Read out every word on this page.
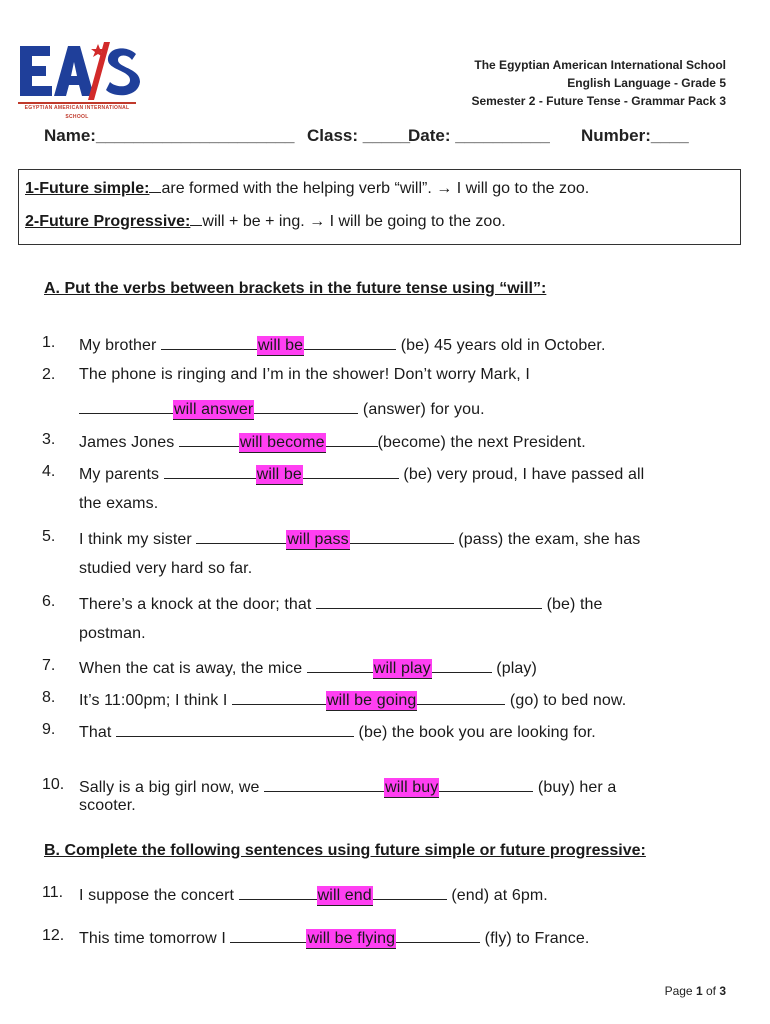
EGYPTIAN AMERICAN INTERNATIONAL SCHOOL
The Egyptian American International School
English Language - Grade 5
Semester 2 - Future Tense - Grammar Pack 3
Name:_____________________ Class: _____
Date: __________ Number:____
1-Future simple: are formed with the helping verb “will”. → I will go to the zoo.
2-Future Progressive: will + be + ing. → I will be going to the zoo.
A. Put the verbs between brackets in the future tense using “will”:
1.	My brother	will be	(be) 45 years old in October.
2.	The phone is ringing and I’m in the shower! Don’t worry Mark, I
will answer	(answer) for you.
3.	James Jones	will become	(become) the next President.
4.	My parents	will be	(be) very proud, I have passed all
the exams.
5.	I think my sister	will pass	(pass) the exam, she has
studied very hard so far.
6.	There’s a knock at the door; that	(be) the
postman.
7.	When the cat is away, the mice	will play	(play)
8.	It’s 11:00pm; I think I	will be going	(go) to bed now.
9.	That	(be) the book you are looking for.
10. Sally is a big girl now, we	will buy	(buy) her a
scooter.
B. Complete the following sentences using future simple or future progressive:
11. I suppose the concert	will end	(end) at 6pm.
12. This time tomorrow I	will be flying	(fly) to France.
Page 1 of 3
